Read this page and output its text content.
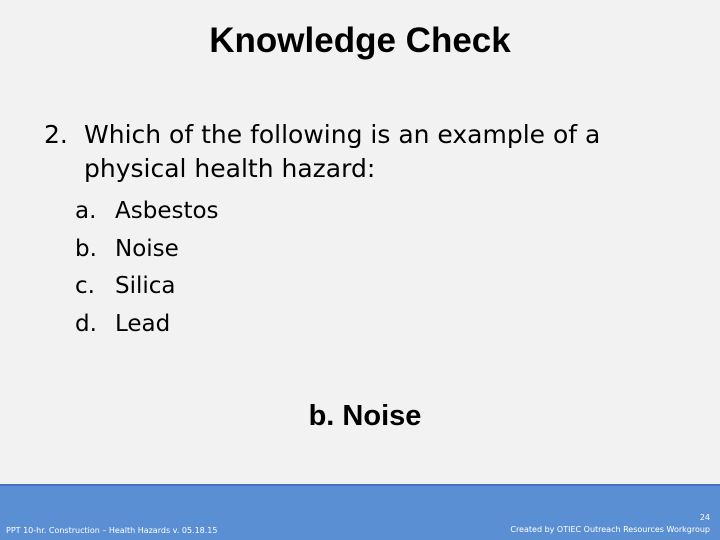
Knowledge Check
2. Which of the following is an example of a physical health hazard:
a. Asbestos
b. Noise
c. Silica
d. Lead
b. Noise
PPT 10-hr. Construction – Health Hazards v. 05.18.15
24
Created by OTIEC Outreach Resources Workgroup
